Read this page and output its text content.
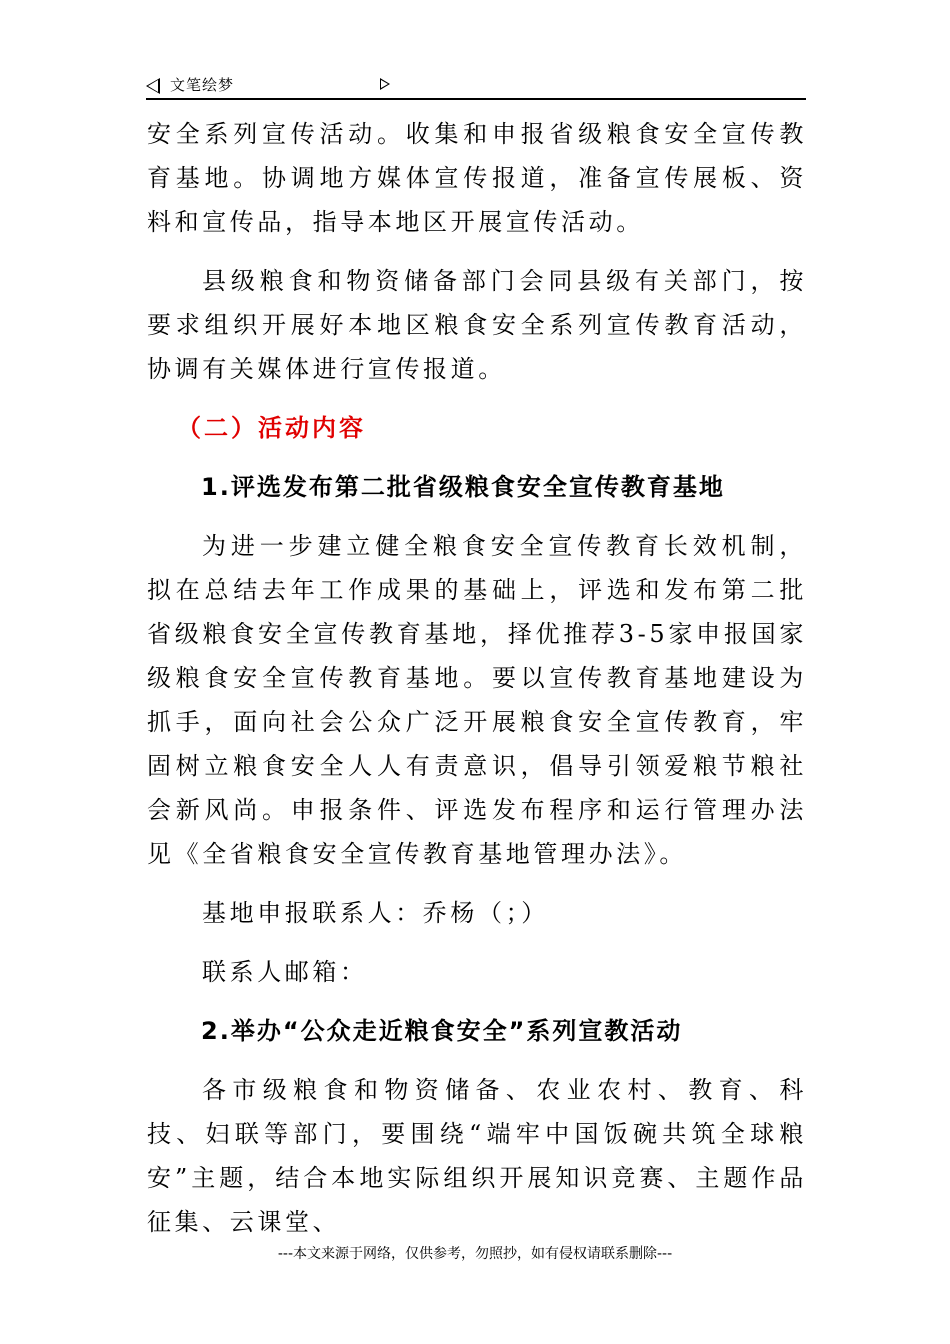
文笔绘梦

安全系列宣传活动。收集和申报省级粮食安全宣传教育基地。协调地方媒体宣传报道，准备宣传展板、资料和宣传品，指导本地区开展宣传活动。

县级粮食和物资储备部门会同县级有关部门，按要求组织开展好本地区粮食安全系列宣传教育活动，协调有关媒体进行宣传报道。

（二）活动内容

1.评选发布第二批省级粮食安全宣传教育基地

为进一步建立健全粮食安全宣传教育长效机制，拟在总结去年工作成果的基础上，评选和发布第二批省级粮食安全宣传教育基地，择优推荐3-5家申报国家级粮食安全宣传教育基地。要以宣传教育基地建设为抓手，面向社会公众广泛开展粮食安全宣传教育，牢固树立粮食安全人人有责意识，倡导引领爱粮节粮社会新风尚。申报条件、评选发布程序和运行管理办法见《全省粮食安全宣传教育基地管理办法》。

基地申报联系人：乔杨（；）

联系人邮箱：

2.举办“公众走近粮食安全”系列宣教活动

各市级粮食和物资储备、农业农村、教育、科技、妇联等部门，要围绕“端牢中国饭碗共筑全球粮安”主题，结合本地实际组织开展知识竞赛、主题作品征集、云课堂、

---本文来源于网络，仅供参考，勿照抄，如有侵权请联系删除---
